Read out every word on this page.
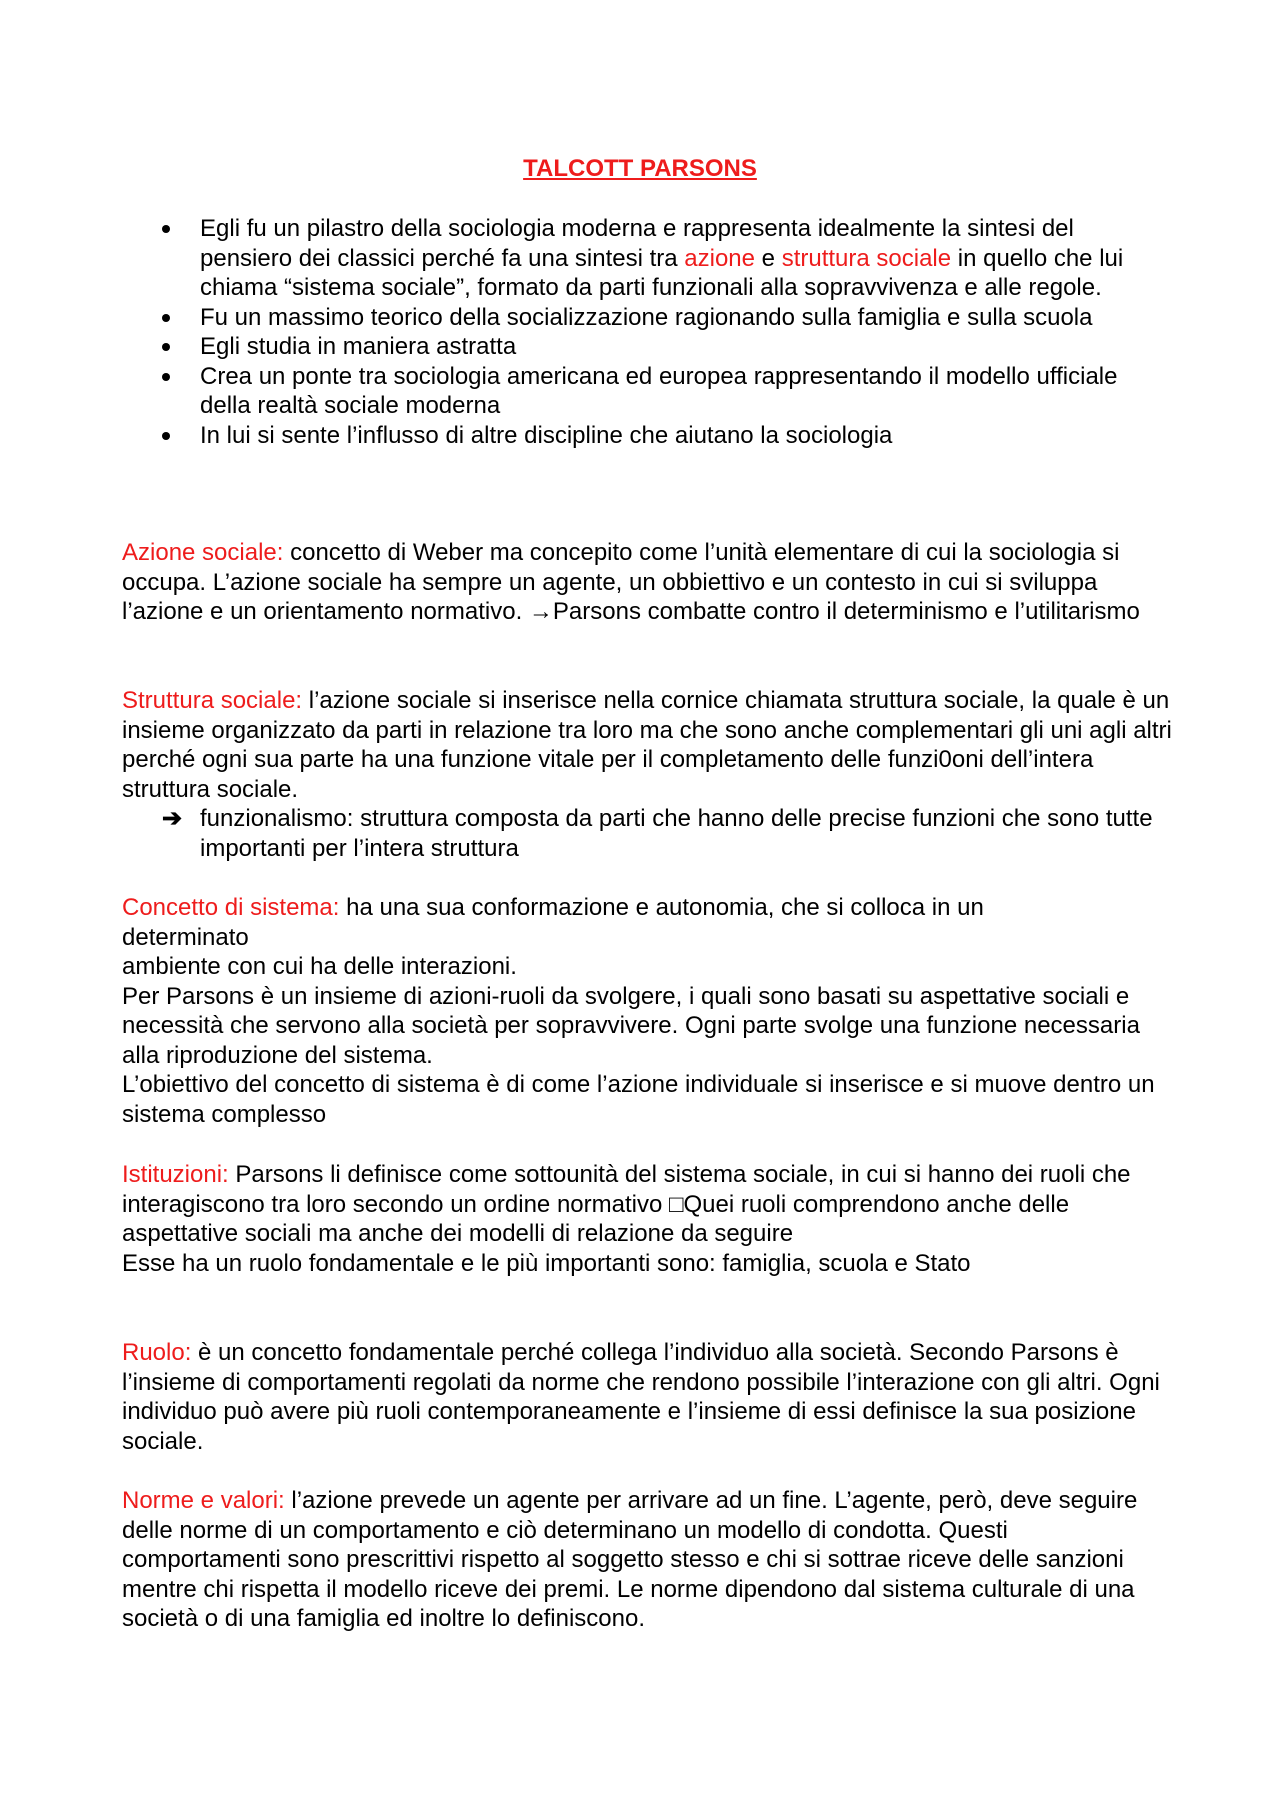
TALCOTT PARSONS
Egli fu un pilastro della sociologia moderna e rappresenta idealmente la sintesi del pensiero dei classici perché fa una sintesi tra azione e struttura sociale in quello che lui chiama “sistema sociale”, formato da parti funzionali alla sopravvivenza e alle regole.
Fu un massimo teorico della socializzazione ragionando sulla famiglia e sulla scuola
Egli studia in maniera astratta
Crea un ponte tra sociologia americana ed europea rappresentando il modello ufficiale della realtà sociale moderna
In lui si sente l’influsso di altre discipline che aiutano la sociologia

Azione sociale: concetto di Weber ma concepito come l’unità elementare di cui la sociologia si occupa. L’azione sociale ha sempre un agente, un obbiettivo e un contesto in cui si sviluppa l’azione e un orientamento normativo. →Parsons combatte contro il determinismo e l’utilitarismo

Struttura sociale: l’azione sociale si inserisce nella cornice chiamata struttura sociale, la quale è un insieme organizzato da parti in relazione tra loro ma che sono anche complementari gli uni agli altri perché ogni sua parte ha una funzione vitale per il completamento delle funzi0oni dell’intera struttura sociale.

➔ funzionalismo: struttura composta da parti che hanno delle precise funzioni che sono tutte importanti per l’intera struttura

Concetto di sistema: ha una sua conformazione e autonomia, che si colloca in un determinato

ambiente con cui ha delle interazioni.

Per Parsons è un insieme di azioni-ruoli da svolgere, i quali sono basati su aspettative sociali e necessità che servono alla società per sopravvivere. Ogni parte svolge una funzione necessaria alla riproduzione del sistema.

L’obiettivo del concetto di sistema è di come l’azione individuale si inserisce e si muove dentro un sistema complesso

Istituzioni: Parsons li definisce come sottounità del sistema sociale, in cui si hanno dei ruoli che

interagiscono tra loro secondo un ordine normativo □Quei ruoli comprendono anche delle aspettative sociali ma anche dei modelli di relazione da seguire

Esse ha un ruolo fondamentale e le più importanti sono: famiglia, scuola e Stato

Ruolo: è un concetto fondamentale perché collega l’individuo alla società. Secondo Parsons è l’insieme di comportamenti regolati da norme che rendono possibile l’interazione con gli altri. Ogni individuo può avere più ruoli contemporaneamente e l’insieme di essi definisce la sua posizione sociale.

Norme e valori: l’azione prevede un agente per arrivare ad un fine. L’agente, però, deve seguire delle norme di un comportamento e ciò determinano un modello di condotta. Questi comportamenti sono prescrittivi rispetto al soggetto stesso e chi si sottrae riceve delle sanzioni mentre chi rispetta il modello riceve dei premi. Le norme dipendono dal sistema culturale di una società o di una famiglia ed inoltre lo definiscono.
